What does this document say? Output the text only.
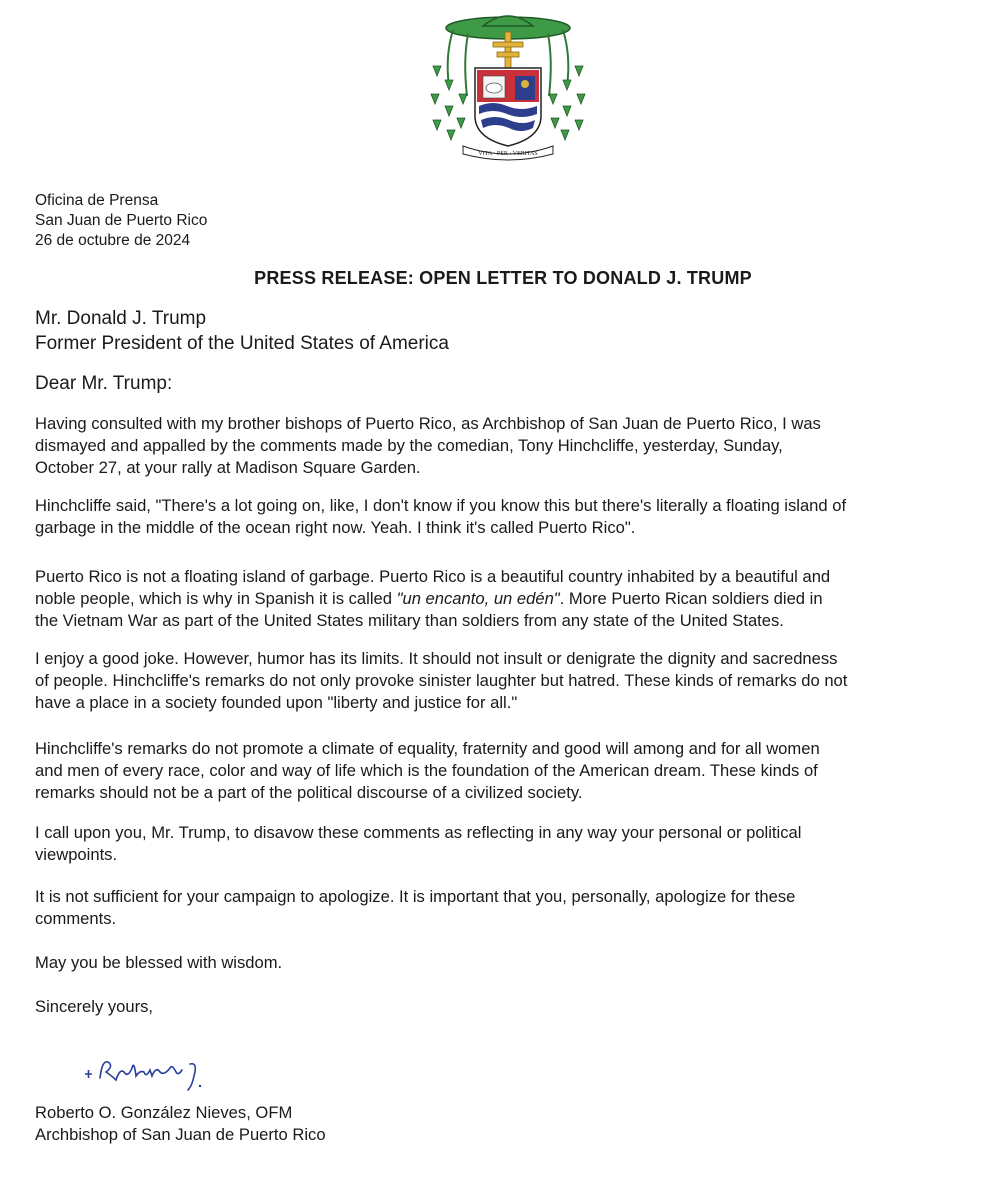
VITA · PER · VERITAS
Oficina de Prensa
San Juan de Puerto Rico
26 de octubre de 2024
PRESS RELEASE: OPEN LETTER TO DONALD J. TRUMP
Mr. Donald J. Trump
Former President of the United States of America
Dear Mr. Trump:
Having consulted with my brother bishops of Puerto Rico, as Archbishop of San Juan de Puerto Rico, I was
dismayed and appalled by the comments made by the comedian, Tony Hinchcliffe, yesterday, Sunday,
October 27, at your rally at Madison Square Garden.
Hinchcliffe said, "There's a lot going on, like, I don't know if you know this but there's literally a floating island of
garbage in the middle of the ocean right now. Yeah. I think it's called Puerto Rico".
Puerto Rico is not a floating island of garbage. Puerto Rico is a beautiful country inhabited by a beautiful and
noble people, which is why in Spanish it is called "un encanto, un edén". More Puerto Rican soldiers died in
the Vietnam War as part of the United States military than soldiers from any state of the United States.
I enjoy a good joke. However, humor has its limits. It should not insult or denigrate the dignity and sacredness
of people. Hinchcliffe's remarks do not only provoke sinister laughter but hatred. These kinds of remarks do not
have a place in a society founded upon "liberty and justice for all."
Hinchcliffe's remarks do not promote a climate of equality, fraternity and good will among and for all women
and men of every race, color and way of life which is the foundation of the American dream. These kinds of
remarks should not be a part of the political discourse of a civilized society.
I call upon you, Mr. Trump, to disavow these comments as reflecting in any way your personal or political
viewpoints.
It is not sufficient for your campaign to apologize. It is important that you, personally, apologize for these
comments.
May you be blessed with wisdom.
Sincerely yours,
Roberto O. González Nieves, OFM
Archbishop of San Juan de Puerto Rico
